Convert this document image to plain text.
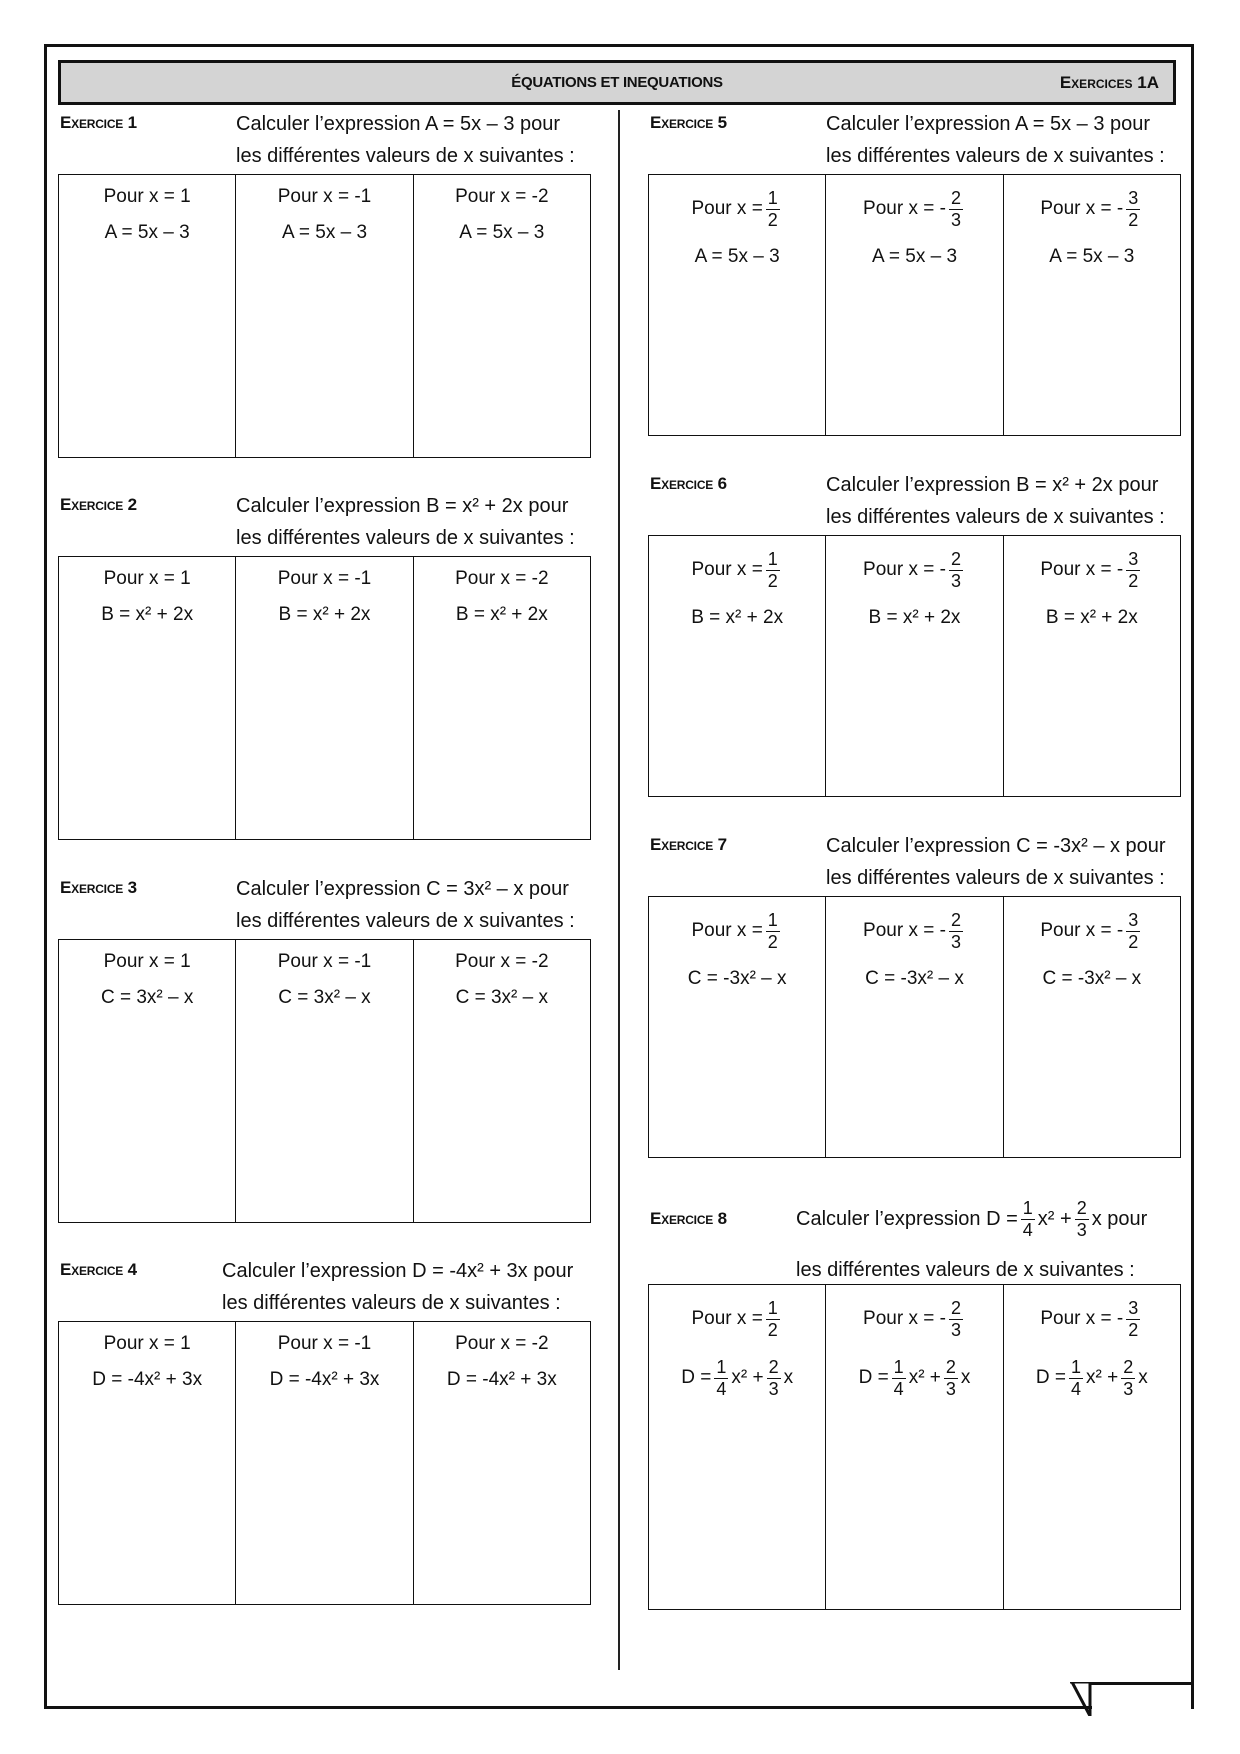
ÉQUATIONS ET INEQUATIONS	Exercices 1A
Exercice 1	Calculer l’expression A = 5x – 3 pour
les différentes valeurs de x suivantes :
Pour x = 1
A = 5x – 3
Pour x = -1
A = 5x – 3
Pour x = -2
A = 5x – 3
Exercice 2	Calculer l’expression B = x² + 2x pour
les différentes valeurs de x suivantes :
Pour x = 1
B = x² + 2x
Pour x = -1
B = x² + 2x
Pour x = -2
B = x² + 2x
Exercice 3	Calculer l’expression C = 3x² – x pour
les différentes valeurs de x suivantes :
Pour x = 1
C = 3x² – x
Pour x = -1
C = 3x² – x
Pour x = -2
C = 3x² – x
Exercice 4	Calculer l’expression D = -4x² + 3x pour
les différentes valeurs de x suivantes :
Pour x = 1
D = -4x² + 3x
Pour x = -1
D = -4x² + 3x
Pour x = -2
D = -4x² + 3x
Exercice 5	Calculer l’expression A = 5x – 3 pour
les différentes valeurs de x suivantes :
Pour $x = \frac{1}{2}$
A = 5x – 3
Pour x = - $\frac{2}{3}$
A = 5x – 3
Pour x = - $\frac{3}{2}$
A = 5x – 3
Exercice 6	Calculer l’expression B = x² + 2x pour
les différentes valeurs de x suivantes :
Pour $x = \frac{1}{2}$
B = x² + 2x
Pour x = - $\frac{2}{3}$
B = x² + 2x
Pour x = - $\frac{3}{2}$
B = x² + 2x
Exercice 7	Calculer l’expression C = -3x² – x pour
les différentes valeurs de x suivantes :
Pour $x = \frac{1}{2}$
C = -3x² – x
Pour x = - $\frac{2}{3}$
C = -3x² – x
Pour x = - $\frac{3}{2}$
C = -3x² – x
Exercice 8	Calculer l’expression $D = \frac{1}{4} x^2 + \frac{2}{3}$ x pour
les différentes valeurs de x suivantes :
Pour $x = \frac{1}{2}$
$D = \frac{1}{4} x^2 + \frac{2}{3}$ x
Pour x = - $\frac{2}{3}$
$D = \frac{1}{4} x^2 + \frac{2}{3}$ x
Pour x = - $\frac{3}{2}$
$D = \frac{1}{4} x^2 + \frac{2}{3}$ x
